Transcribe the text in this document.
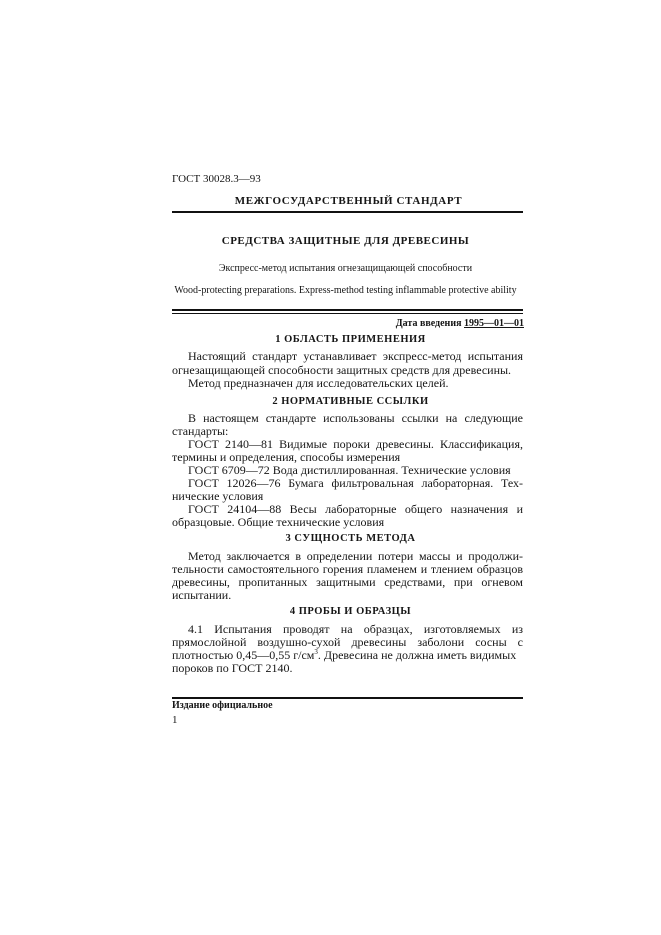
ГОСТ 30028.3—93
МЕЖГОСУДАРСТВЕННЫЙ СТАНДАРТ
СРЕДСТВА ЗАЩИТНЫЕ ДЛЯ ДРЕВЕСИНЫ
Экспресс-метод испытания огнезащищающей способности
Wood-protecting preparations. Express-method testing inflammable protective ability
Дата введения 1995—01—01
1 ОБЛАСТЬ ПРИМЕНЕНИЯ
Настоящий стандарт устанавливает экспресс-метод испытания
огнезащищающей способности защитных средств для древесины.
Метод предназначен для исследовательских целей.
2 НОРМАТИВНЫЕ ССЫЛКИ
В настоящем стандарте использованы ссылки на следующие
стандарты:
ГОСТ 2140—81 Видимые пороки древесины. Классификация,
термины и определения, способы измерения
ГОСТ 6709—72 Вода дистиллированная. Технические условия
ГОСТ 12026—76 Бумага фильтровальная лабораторная. Тех-
нические условия
ГОСТ 24104—88 Весы лабораторные общего назначения и
образцовые. Общие технические условия
3 СУЩНОСТЬ МЕТОДА
Метод заключается в определении потери массы и продолжи-
тельности самостоятельного горения пламенем и тлением образцов
древесины, пропитанных защитными средствами, при огневом
испытании.
4 ПРОБЫ И ОБРАЗЦЫ
4.1 Испытания проводят на образцах, изготовляемых из
прямослойной воздушно-сухой древесины заболони сосны с
плотностью 0,45—0,55 $г/см^3$. Древесина не должна иметь видимых
пороков по ГОСТ 2140.
Издание официальное
1
